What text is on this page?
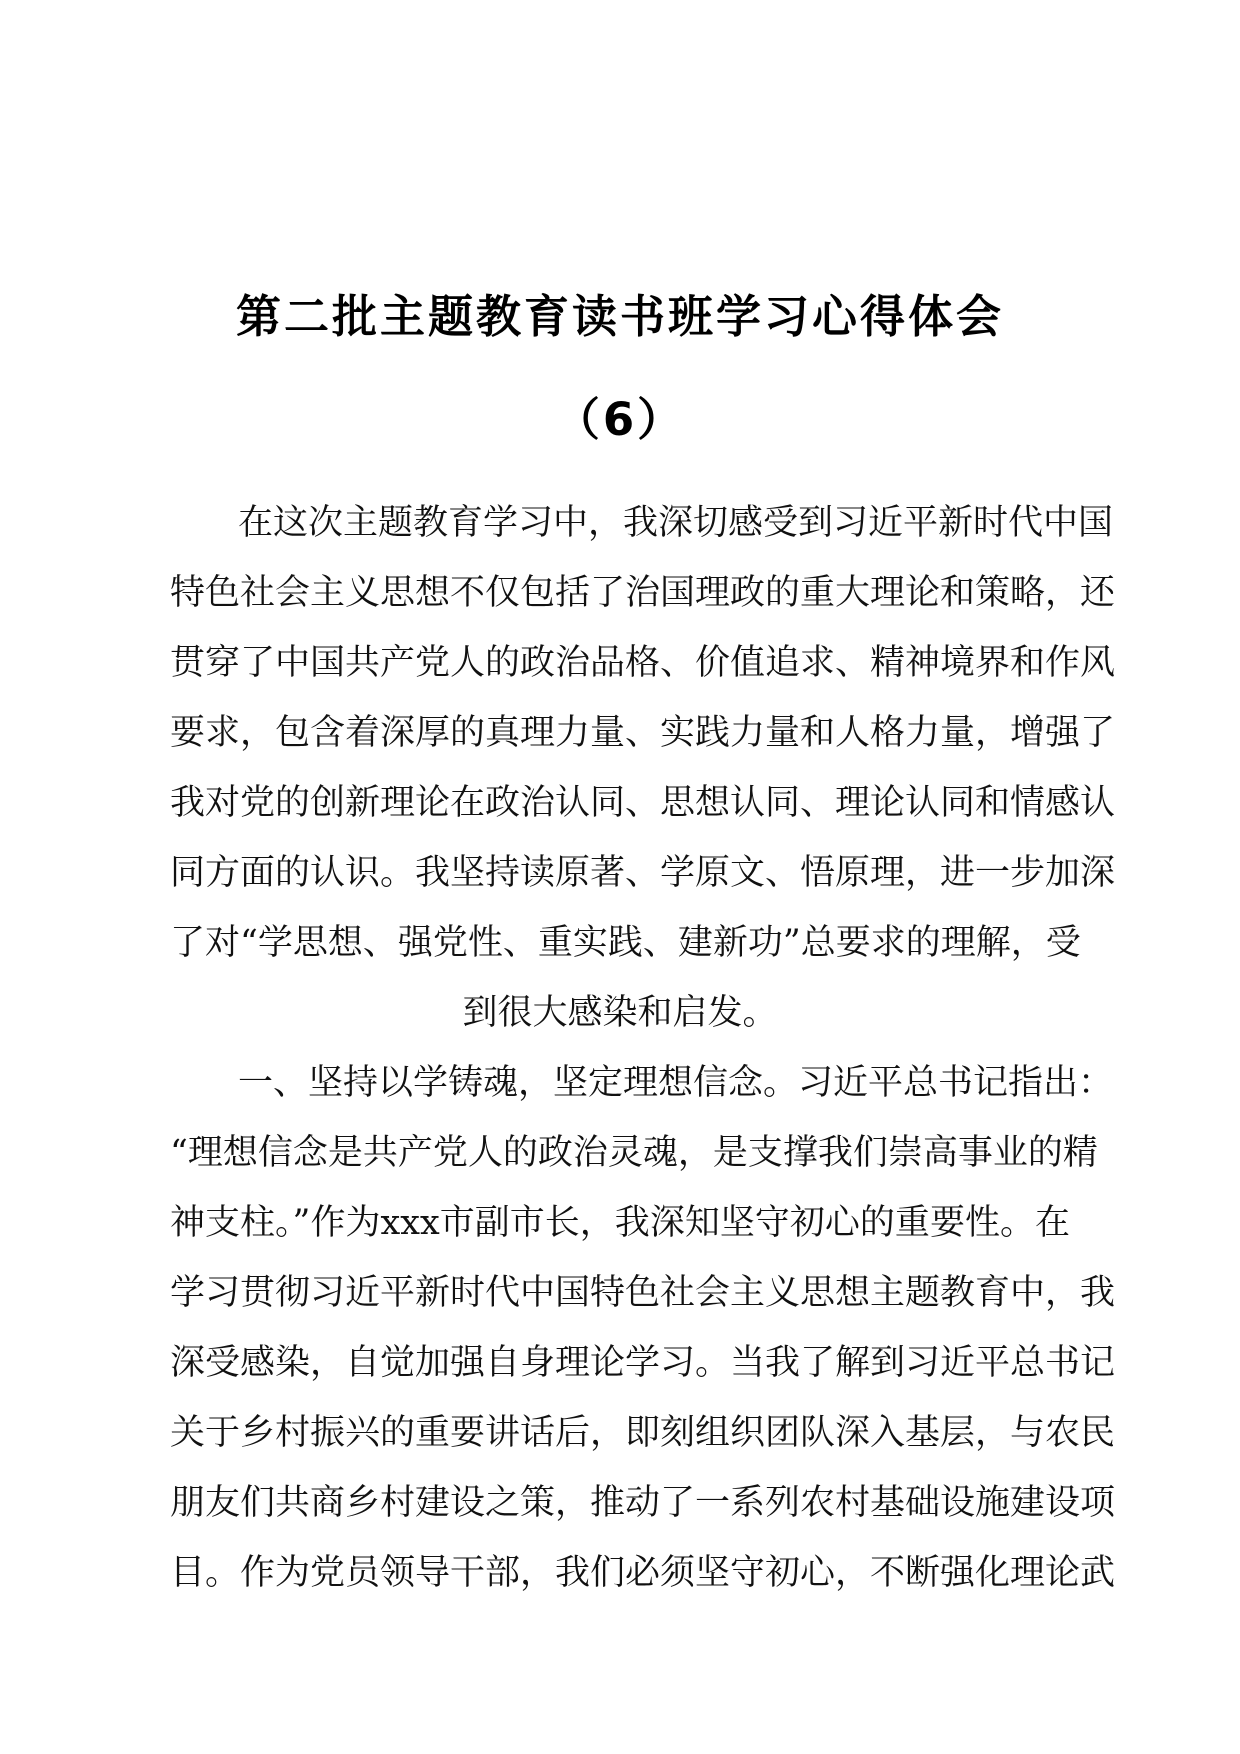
第二批主题教育读书班学习心得体会
（6）
在这次主题教育学习中，我深切感受到习近平新时代中国
特色社会主义思想不仅包括了治国理政的重大理论和策略，还
贯穿了中国共产党人的政治品格、价值追求、精神境界和作风
要求，包含着深厚的真理力量、实践力量和人格力量，增强了
我对党的创新理论在政治认同、思想认同、理论认同和情感认
同方面的认识。我坚持读原著、学原文、悟原理，进一步加深
了对“学思想、强党性、重实践、建新功”总要求的理解，受
到很大感染和启发。
一、坚持以学铸魂，坚定理想信念。习近平总书记指出：
“理想信念是共产党人的政治灵魂，是支撑我们崇高事业的精
神支柱。”作为xxx市副市长，我深知坚守初心的重要性。在
学习贯彻习近平新时代中国特色社会主义思想主题教育中，我
深受感染，自觉加强自身理论学习。当我了解到习近平总书记
关于乡村振兴的重要讲话后，即刻组织团队深入基层，与农民
朋友们共商乡村建设之策，推动了一系列农村基础设施建设项
目。作为党员领导干部，我们必须坚守初心，不断强化理论武
